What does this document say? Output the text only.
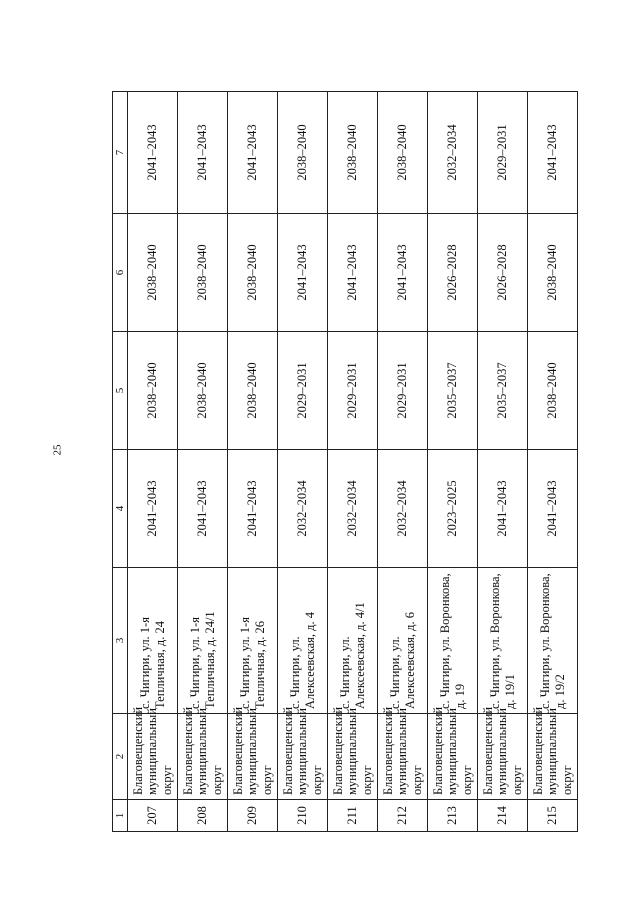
25
1	2	3	4	5	6	7
207	Благовещенский муниципальный округ	с. Чигири, ул. 1-я Тепличная, д. 24	2041–2043	2038–2040	2038–2040	2041–2043
208	Благовещенский муниципальный округ	с. Чигири, ул. 1-я Тепличная, д. 24/1	2041–2043	2038–2040	2038–2040	2041–2043
209	Благовещенский муниципальный округ	с. Чигири, ул. 1-я Тепличная, д. 26	2041–2043	2038–2040	2038–2040	2041–2043
210	Благовещенский муниципальный округ	с. Чигири, ул. Алексеевская, д. 4	2032–2034	2029–2031	2041–2043	2038–2040
211	Благовещенский муниципальный округ	с. Чигири, ул. Алексеевская, д. 4/1	2032–2034	2029–2031	2041–2043	2038–2040
212	Благовещенский муниципальный округ	с. Чигири, ул. Алексеевская, д. 6	2032–2034	2029–2031	2041–2043	2038–2040
213	Благовещенский муниципальный округ	с. Чигири, ул. Воронкова, д. 19	2023–2025	2035–2037	2026–2028	2032–2034
214	Благовещенский муниципальный округ	с. Чигири, ул. Воронкова, д. 19/1	2041–2043	2035–2037	2026–2028	2029–2031
215	Благовещенский муниципальный округ	с. Чигири, ул. Воронкова, д. 19/2	2041–2043	2038–2040	2038–2040	2041–2043
